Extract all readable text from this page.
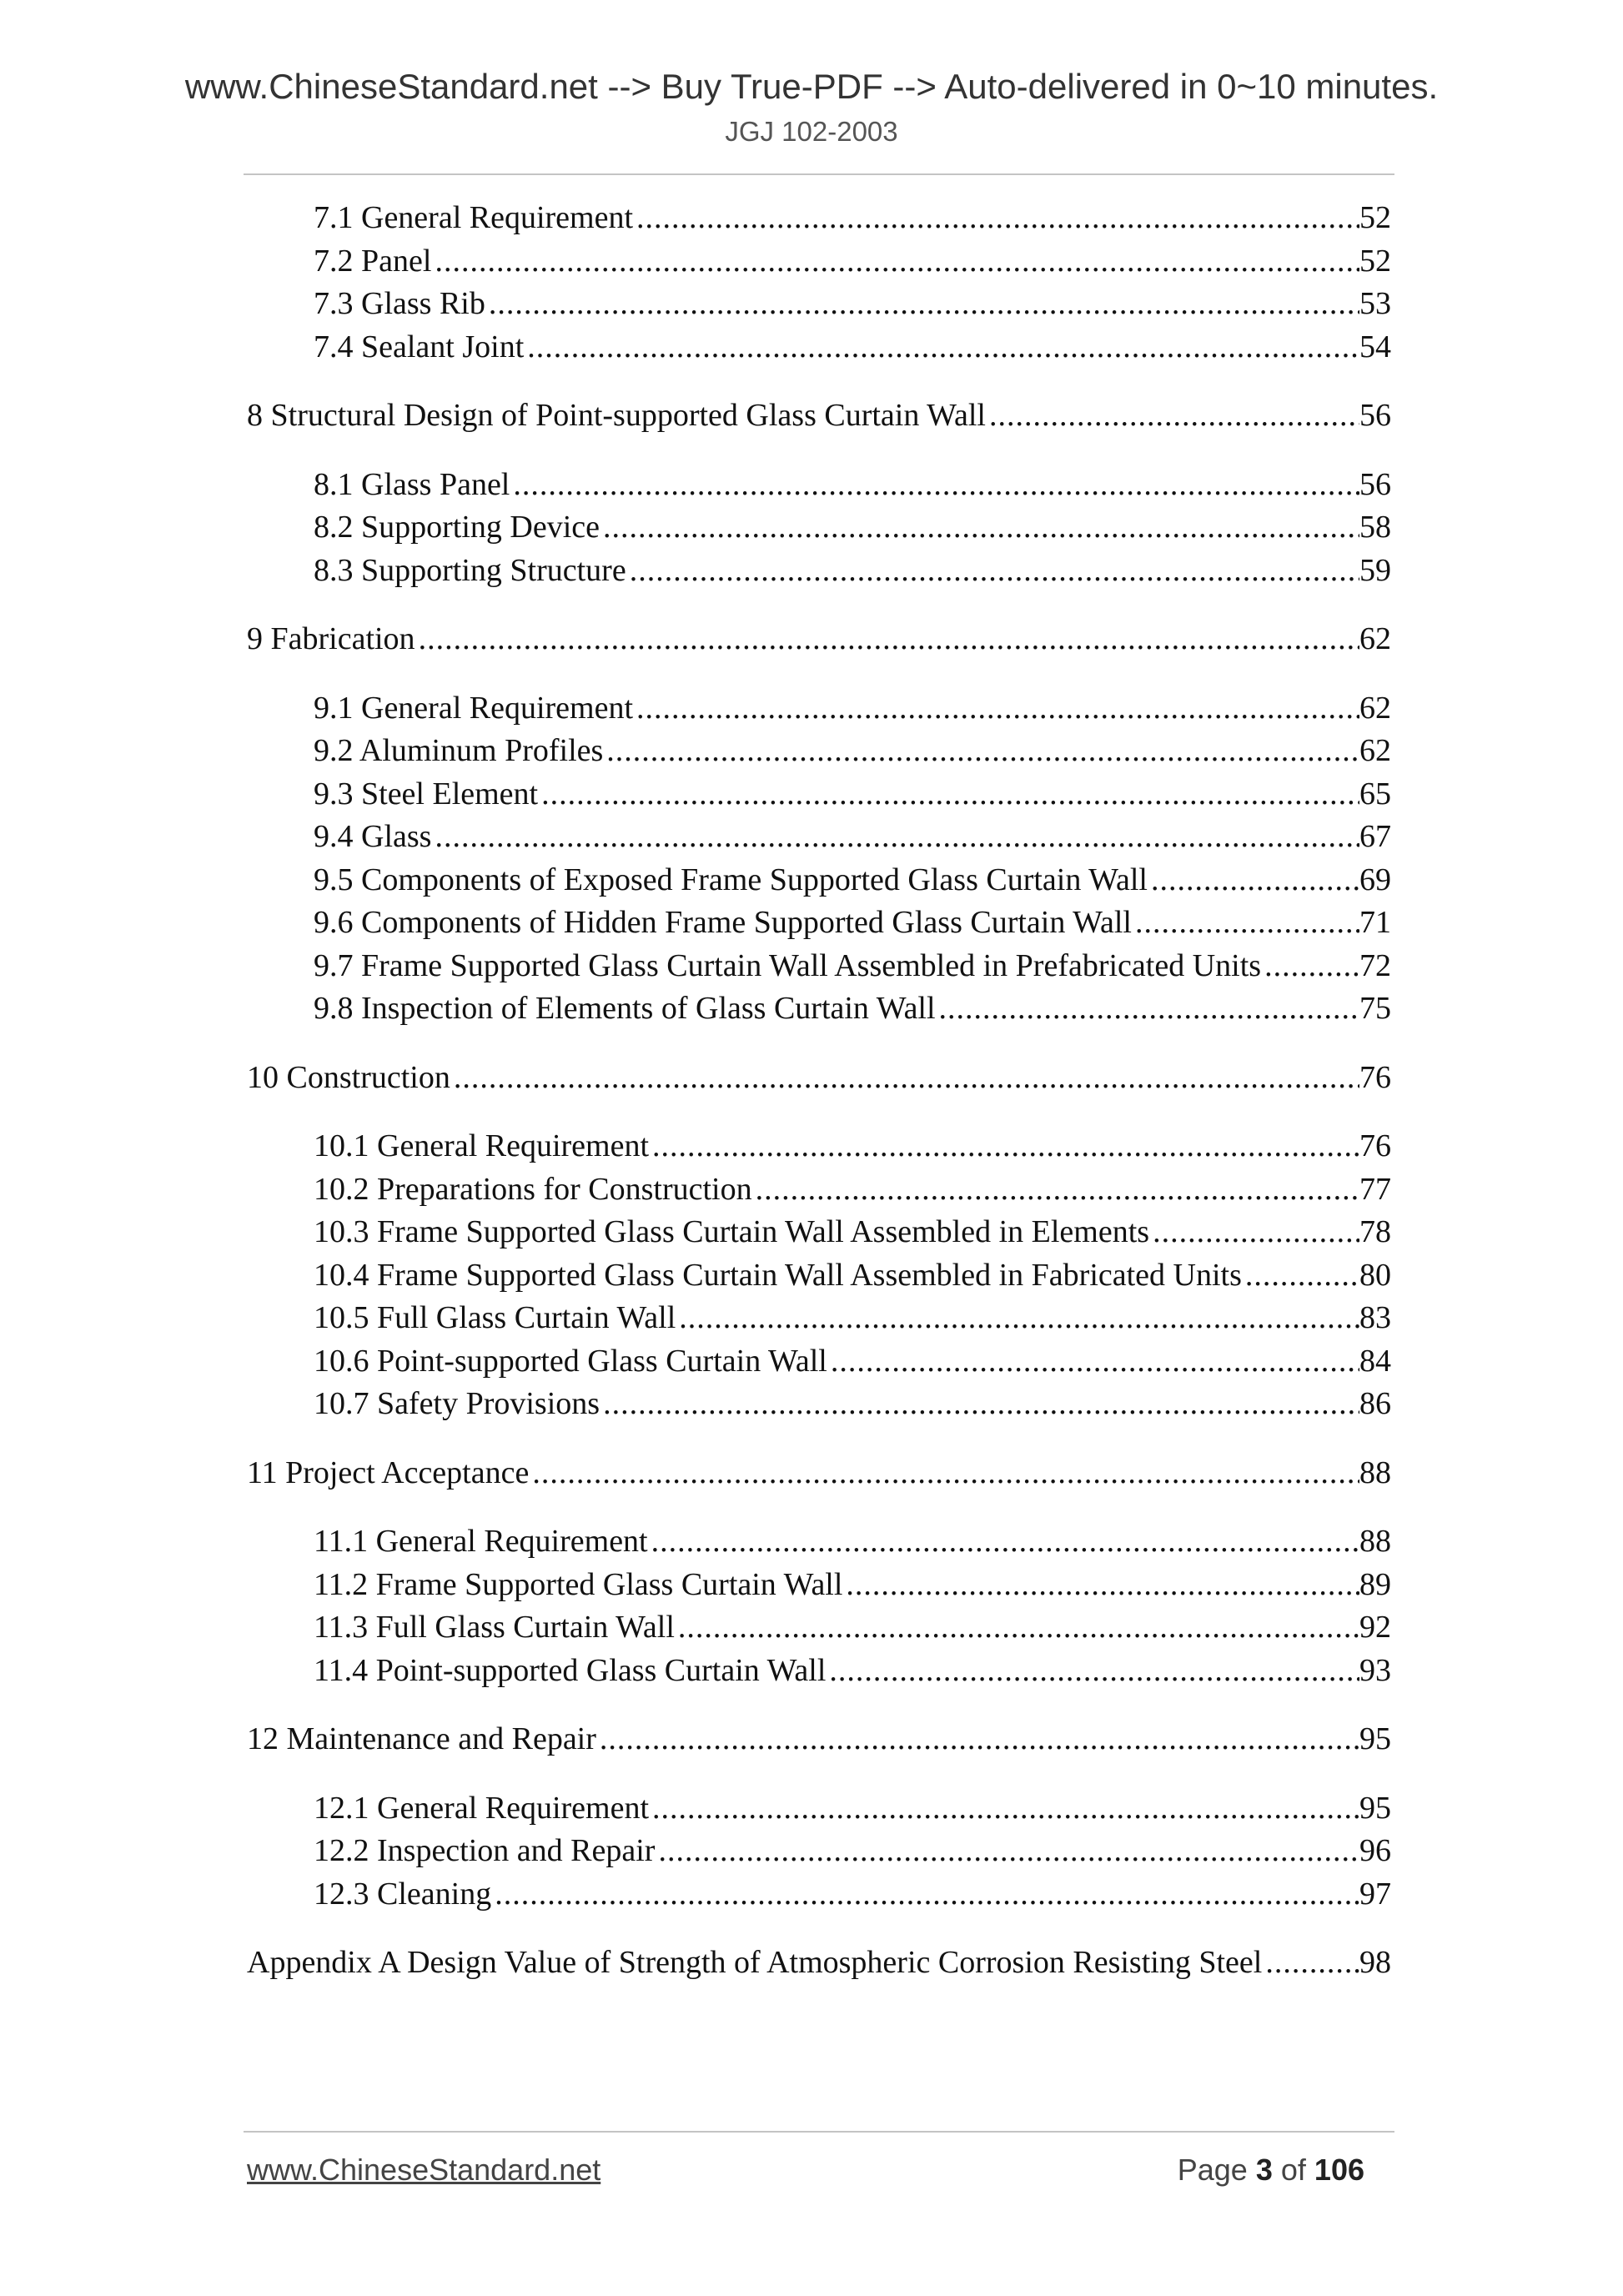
www.ChineseStandard.net --> Buy True-PDF --> Auto-delivered in 0~10 minutes.
JGJ 102-2003
7.1 General Requirement .....	52
7.2 Panel .....	52
7.3 Glass Rib .....	53
7.4 Sealant Joint .....	54
8 Structural Design of Point-supported Glass Curtain Wall .....	56
8.1 Glass Panel .....	56
8.2 Supporting Device .....	58
8.3 Supporting Structure .....	59
9 Fabrication .....	62
9.1 General Requirement .....	62
9.2 Aluminum Profiles .....	62
9.3 Steel Element .....	65
9.4 Glass .....	67
9.5 Components of Exposed Frame Supported Glass Curtain Wall .....	69
9.6 Components of Hidden Frame Supported Glass Curtain Wall .....	71
9.7 Frame Supported Glass Curtain Wall Assembled in Prefabricated Units .....	72
9.8 Inspection of Elements of Glass Curtain Wall .....	75
10 Construction .....	76
10.1 General Requirement .....	76
10.2 Preparations for Construction .....	77
10.3 Frame Supported Glass Curtain Wall Assembled in Elements .....	78
10.4 Frame Supported Glass Curtain Wall Assembled in Fabricated Units .....	80
10.5 Full Glass Curtain Wall .....	83
10.6 Point-supported Glass Curtain Wall .....	84
10.7 Safety Provisions .....	86
11 Project Acceptance .....	88
11.1 General Requirement .....	88
11.2 Frame Supported Glass Curtain Wall .....	89
11.3 Full Glass Curtain Wall .....	92
11.4 Point-supported Glass Curtain Wall .....	93
12 Maintenance and Repair .....	95
12.1 General Requirement .....	95
12.2 Inspection and Repair .....	96
12.3 Cleaning .....	97
Appendix A Design Value of Strength of Atmospheric Corrosion Resisting Steel .....	98
www.ChineseStandard.net	Page 3 of 106
